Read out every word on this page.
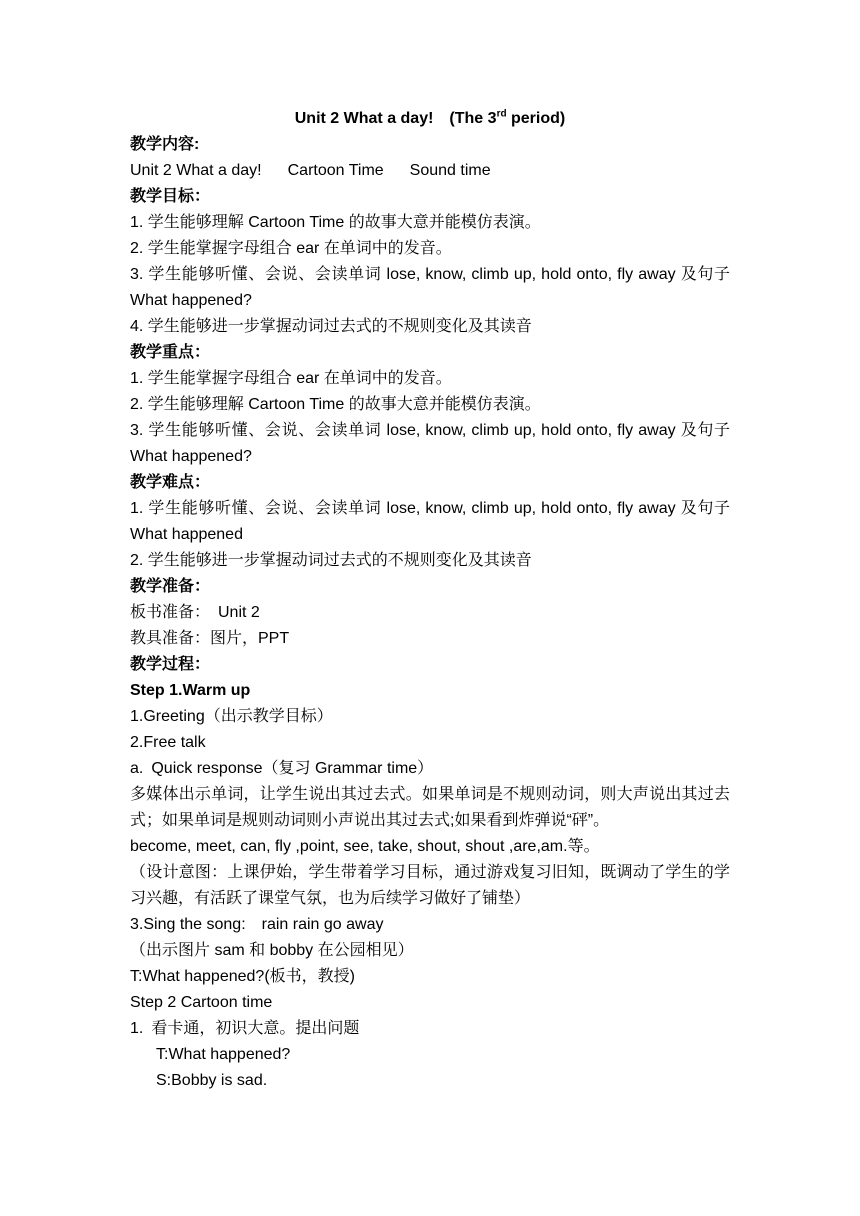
Unit 2 What a day!　(The 3rd period)
教学内容:
Unit 2 What a day! Cartoon Time Sound time
教学目标：
1. 学生能够理解 Cartoon Time 的故事大意并能模仿表演。
2. 学生能掌握字母组合 ear 在单词中的发音。
3. 学生能够听懂、会说、会读单词 lose, know, climb up, hold onto, fly away 及句子 What happened?
4. 学生能够进一步掌握动词过去式的不规则变化及其读音
教学重点：
1. 学生能掌握字母组合 ear 在单词中的发音。
2. 学生能够理解 Cartoon Time 的故事大意并能模仿表演。
3. 学生能够听懂、会说、会读单词 lose, know, climb up, hold onto, fly away 及句子 What happened?
教学难点：
1. 学生能够听懂、会说、会读单词 lose, know, climb up, hold onto, fly away 及句子 What happened
2. 学生能够进一步掌握动词过去式的不规则变化及其读音
教学准备：
板书准备：　Unit 2
教具准备：图片，PPT
教学过程：
Step 1.Warm up
1.Greeting（出示教学目标）
2.Free talk
a. Quick response（复习 Grammar time）
多媒体出示单词，让学生说出其过去式。如果单词是不规则动词，则大声说出其过去式；如果单词是规则动词则小声说出其过去式;如果看到炸弹说“砰”。
become, meet, can, fly ,point, see, take, shout, shout ,are,am.等。
（设计意图：上课伊始，学生带着学习目标，通过游戏复习旧知，既调动了学生的学习兴趣，有活跃了课堂气氛，也为后续学习做好了铺垫）
3.Sing the song:　rain rain go away
（出示图片 sam 和 bobby 在公园相见）
T:What happened?(板书，教授)
Step 2 Cartoon time
1. 看卡通，初识大意。提出问题
T:What happened?
S:Bobby is sad.
